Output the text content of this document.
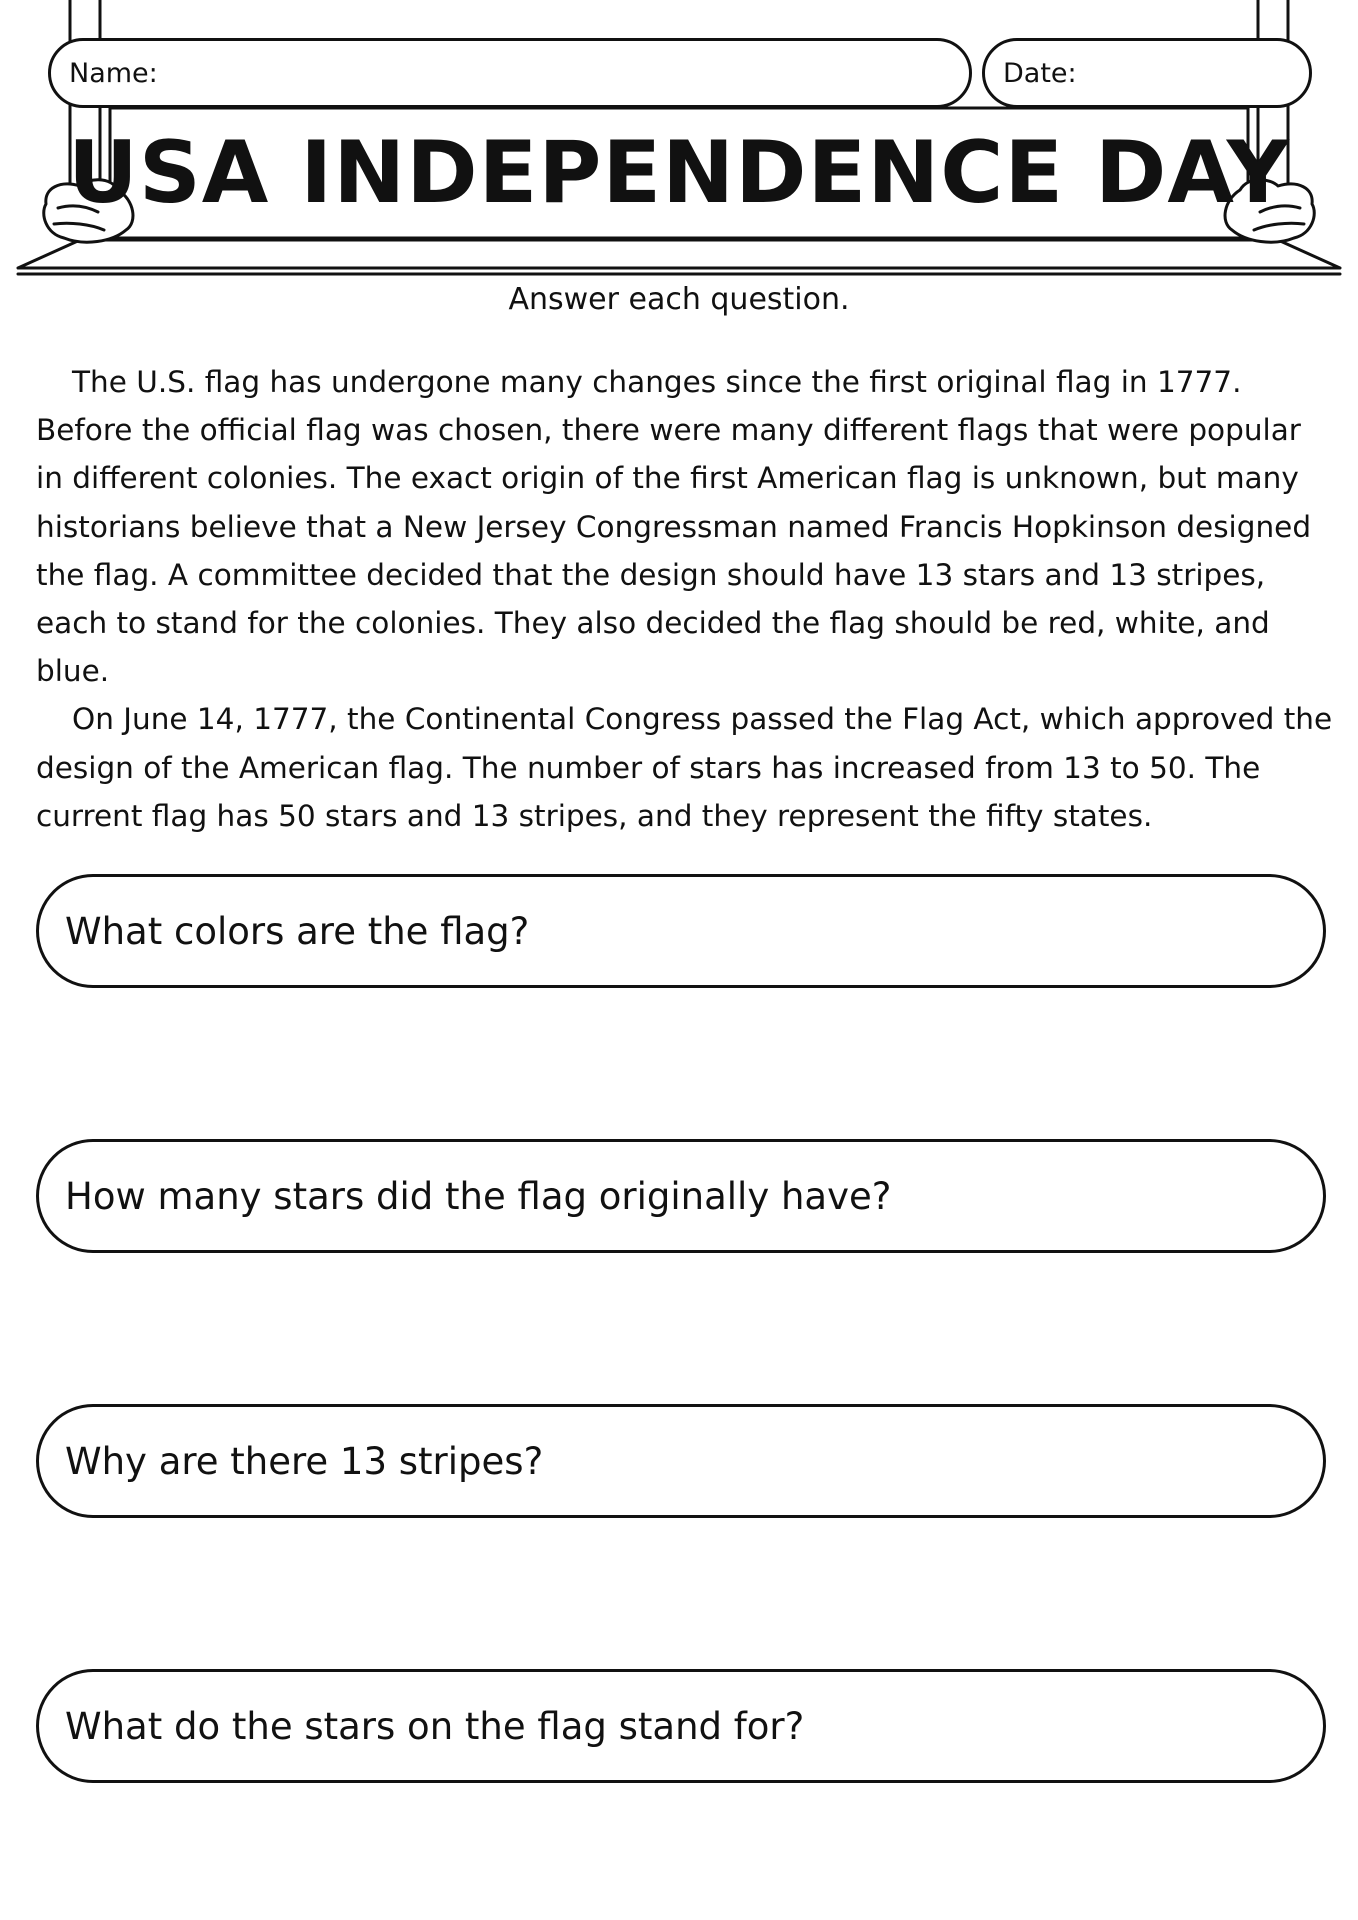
Name:	Date:
USA INDEPENDENCE DAY
Answer each question.

The U.S. flag has undergone many changes since the first original flag in 1777. Before the official flag was chosen, there were many different flags that were popular in different colonies. The exact origin of the first American flag is unknown, but many historians believe that a New Jersey Congressman named Francis Hopkinson designed the flag. A committee decided that the design should have 13 stars and 13 stripes, each to stand for the colonies. They also decided the flag should be red, white, and blue.

On June 14, 1777, the Continental Congress passed the Flag Act, which approved the design of the American flag. The number of stars has increased from 13 to 50. The current flag has 50 stars and 13 stripes, and they represent the fifty states.

What colors are the flag?
How many stars did the flag originally have?
Why are there 13 stripes?
What do the stars on the flag stand for?
